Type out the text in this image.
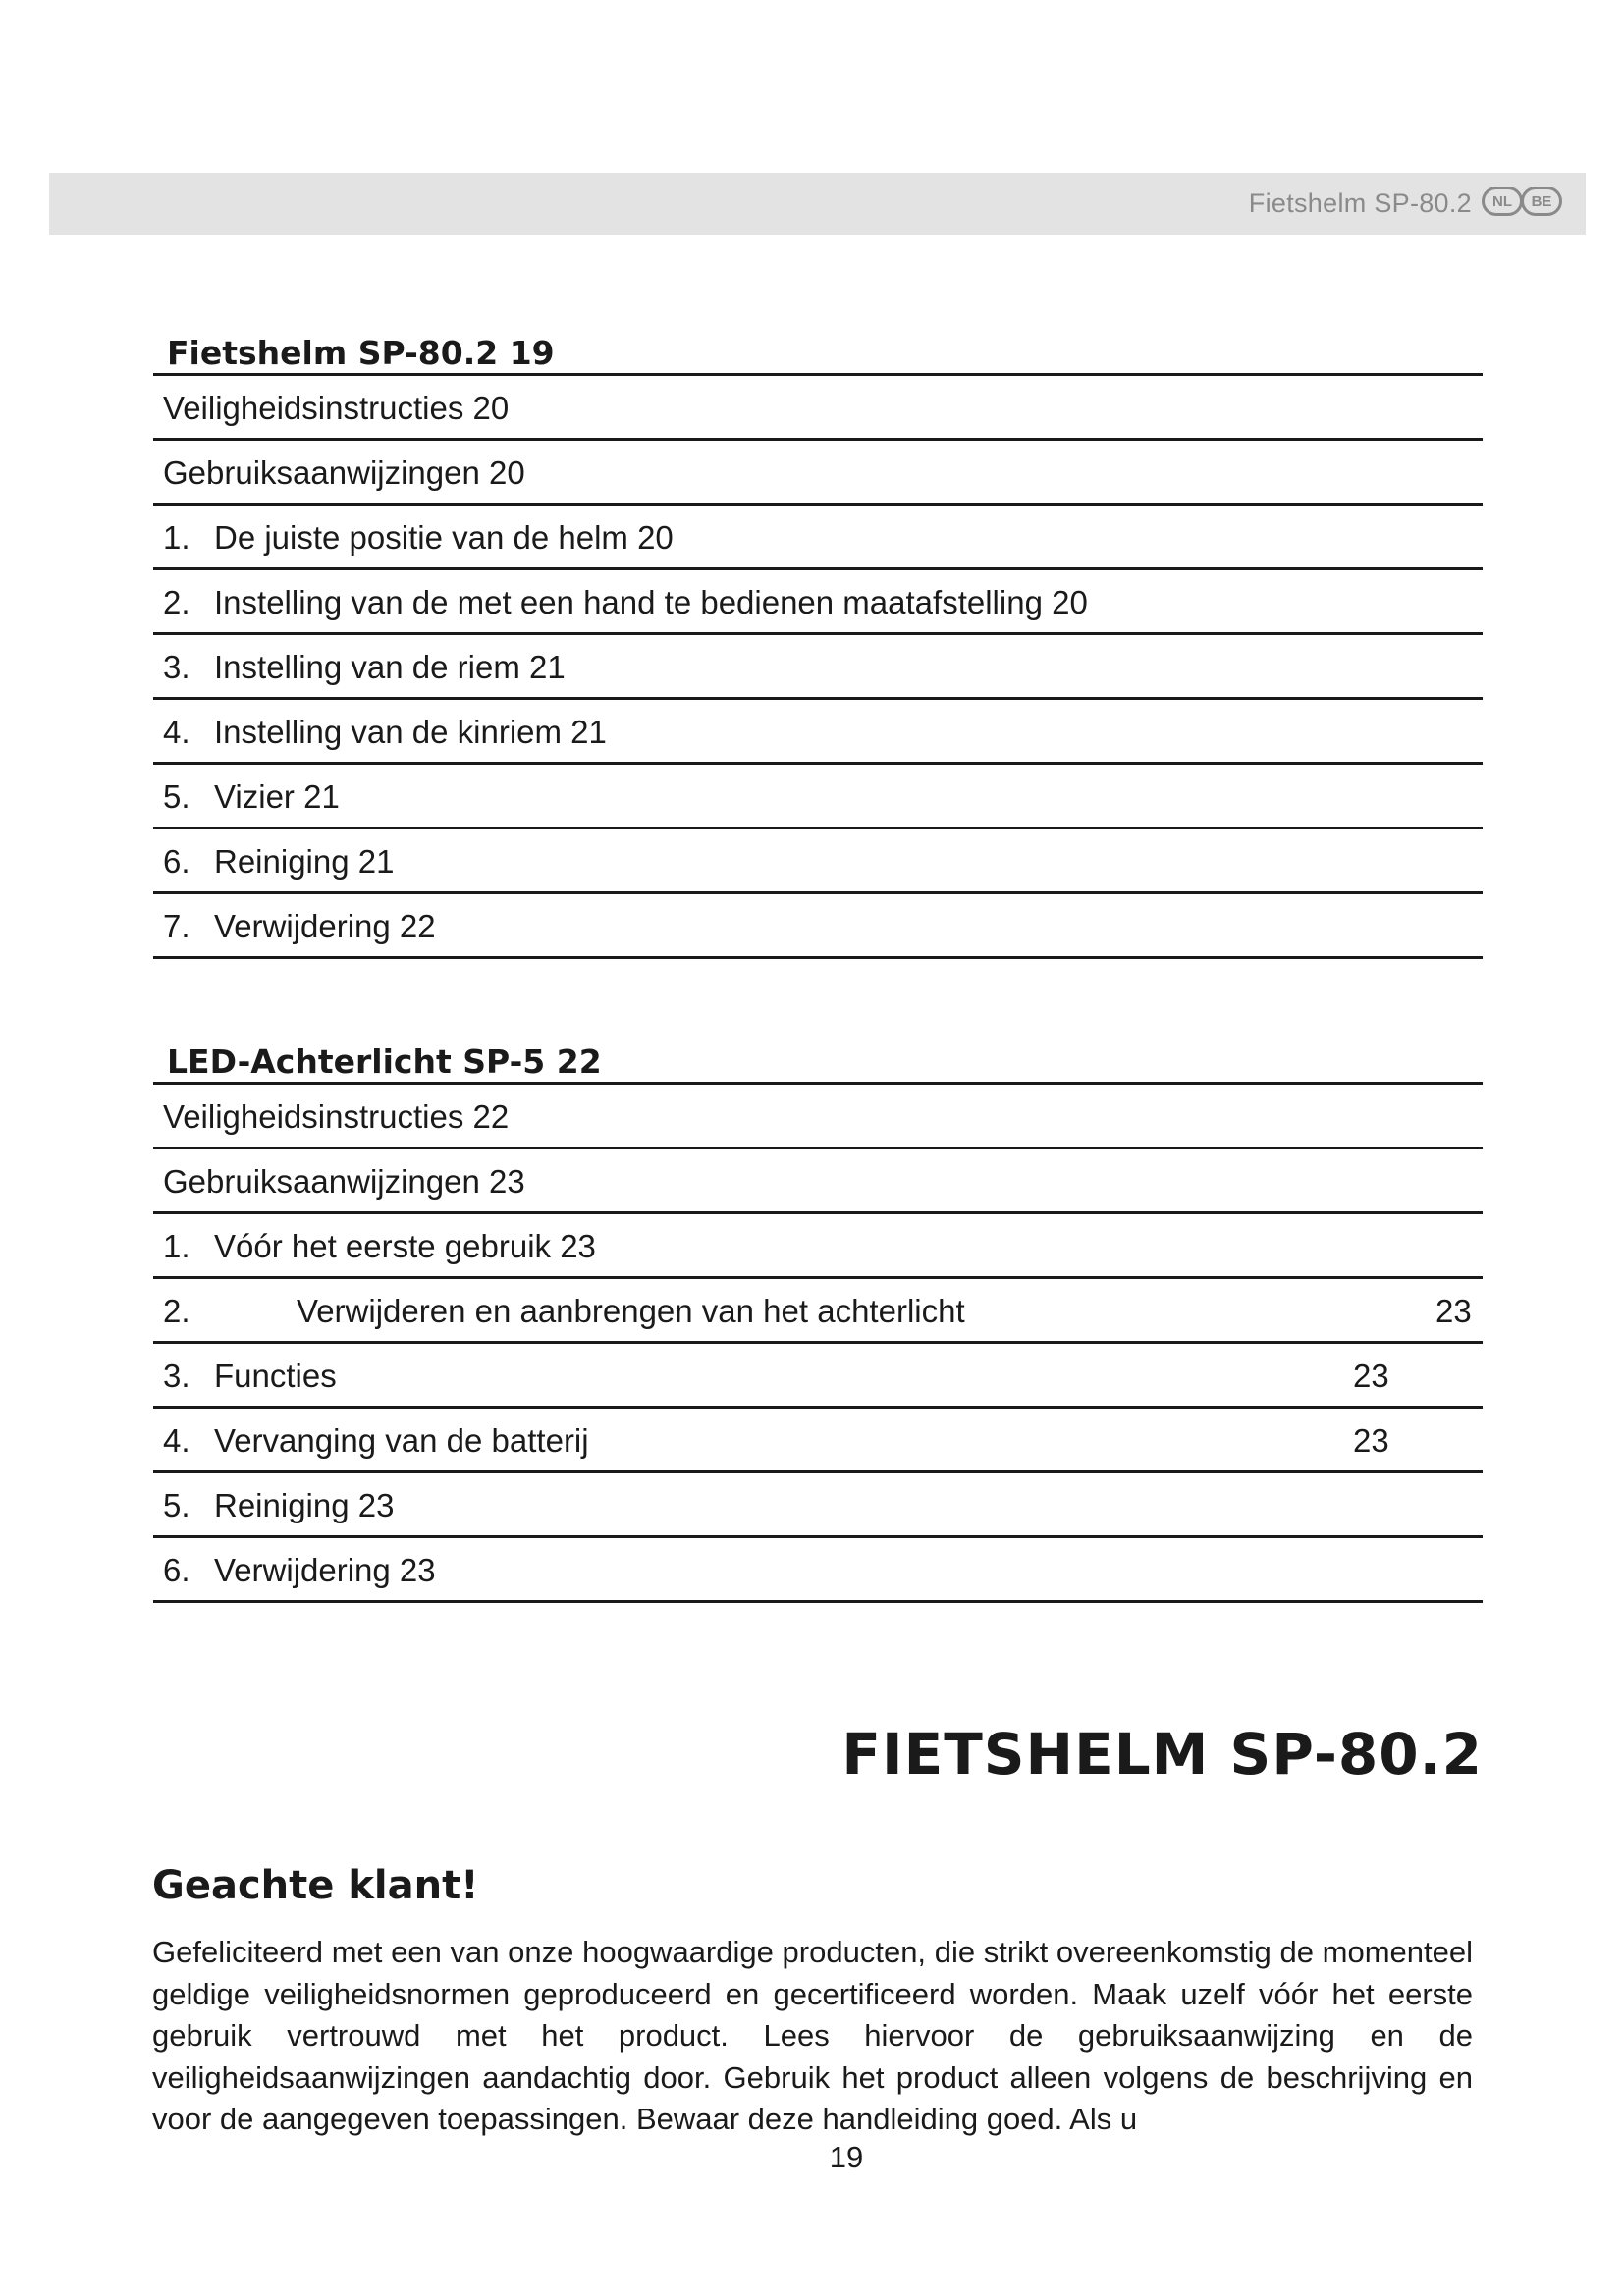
Fietshelm SP-80.2	NL	BE
Fietshelm SP-80.2 19
Veiligheidsinstructies 20
Gebruiksaanwijzingen 20
1. De juiste positie van de helm 20
2. Instelling van de met een hand te bedienen maatafstelling 20
3. Instelling van de riem 21
4. Instelling van de kinriem 21
5. Vizier 21
6. Reiniging 21
7. Verwijdering 22
LED-Achterlicht SP-5 22
Veiligheidsinstructies 22
Gebruiksaanwijzingen 23
1. Vóór het eerste gebruik 23
2.	Verwijderen en aanbrengen van het achterlicht	23
3. Functies	23
4. Vervanging van de batterij	23
5. Reiniging 23
6. Verwijdering 23
FIETSHELM SP-80.2
Geachte klant!
Gefeliciteerd met een van onze hoogwaardige producten, die strikt overeenkomstig de momenteel geldige veiligheidsnormen geproduceerd en gecertificeerd worden. Maak uzelf vóór het eerste gebruik vertrouwd met het product. Lees hiervoor de gebruiksaanwijzing en de veiligheidsaanwijzingen aandachtig door. Gebruik het product alleen volgens de beschrijving en voor de aangegeven toepassingen. Bewaar deze handleiding goed. Als u
19
